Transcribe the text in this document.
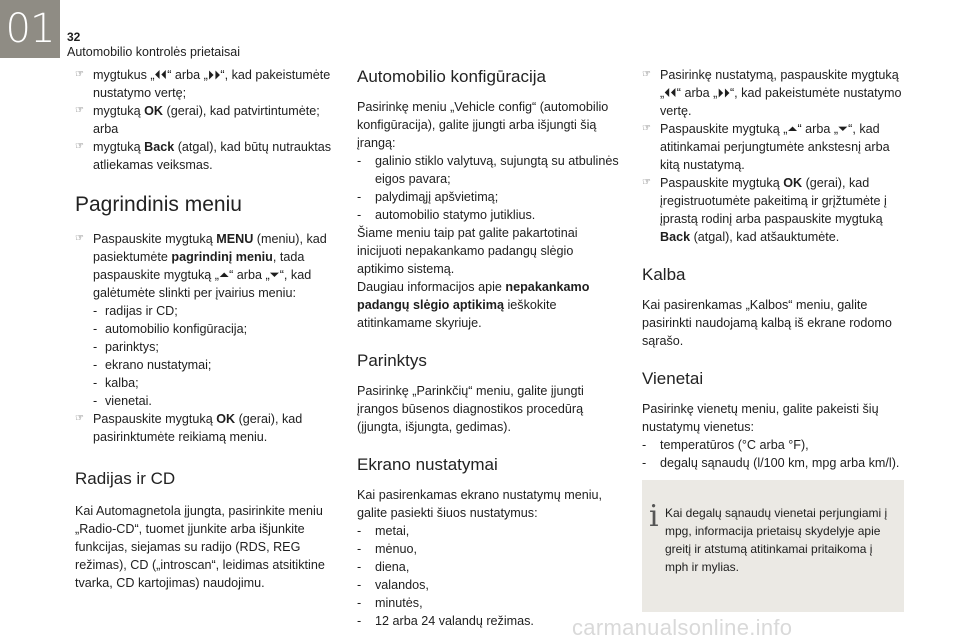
01	32
Automobilio kontrolės prietaisai
☞ mygtukus „⏴⏴“ arba „⏵⏵“, kad pakeistumėte nustatymo vertę;
☞ mygtuką OK (gerai), kad patvirtintumėte;
arba
☞ mygtuką Back (atgal), kad būtų nutrauktas atliekamas veiksmas.
Pagrindinis meniu
☞ Paspauskite mygtuką MENU (meniu), kad pasiektumėte pagrindinį meniu, tada paspauskite mygtuką „⏶“ arba „⏷“, kad galėtumėte slinkti per įvairius meniu:
- radijas ir CD;
- automobilio konfigūracija;
- parinktys;
- ekrano nustatymai;
- kalba;
- vienetai.
☞ Paspauskite mygtuką OK (gerai), kad pasirinktumėte reikiamą meniu.
Radijas ir CD

Kai Automagnetola įjungta, pasirinkite meniu „Radio-CD“, tuomet įjunkite arba išjunkite funkcijas, siejamas su radijo (RDS, REG režimas), CD („introscan“, leidimas atsitiktine tvarka, CD kartojimas) naudojimu.

Automobilio konfigūracija

Pasirinkę meniu „Vehicle config“ (automobilio konfigūracija), galite įjungti arba išjungti šią įrangą:

- galinio stiklo valytuvą, sujungtą su atbulinės eigos pavara;
- palydimąjį apšvietimą;
- automobilio statymo jutiklius.

Šiame meniu taip pat galite pakartotinai inicijuoti nepakankamo padangų slėgio aptikimo sistemą.

Daugiau informacijos apie nepakankamo padangų slėgio aptikimą ieškokite atitinkamame skyriuje.

Parinktys

Pasirinkę „Parinkčių“ meniu, galite įjungti įrangos būsenos diagnostikos procedūrą (įjungta, išjungta, gedimas).

Ekrano nustatymai

Kai pasirenkamas ekrano nustatymų meniu, galite pasiekti šiuos nustatymus:

- metai,
- mėnuo,
- diena,
- valandos,
- minutės,
- 12 arba 24 valandų režimas.
☞ Pasirinkę nustatymą, paspauskite mygtuką „⏴⏴“ arba „⏵⏵“, kad pakeistumėte nustatymo vertę.
☞ Paspauskite mygtuką „⏶“ arba „⏷“, kad atitinkamai perjungtumėte ankstesnį arba kitą nustatymą.
☞ Paspauskite mygtuką OK (gerai), kad įregistruotumėte pakeitimą ir grįžtumėte į įprastą rodinį arba paspauskite mygtuką Back (atgal), kad atšauktumėte.
Kalba

Kai pasirenkamas „Kalbos“ meniu, galite pasirinkti naudojamą kalbą iš ekrane rodomo sąrašo.

Vienetai

Pasirinkę vienetų meniu, galite pakeisti šių nustatymų vienetus:

- temperatūros (°C arba °F),
- degalų sąnaudų (l/100 km, mpg arba km/l).
i Kai degalų sąnaudų vienetai perjungiami į mpg, informacija prietaisų skydelyje apie greitį ir atstumą atitinkamai pritaikoma į mph ir mylias.
carmanualsonline.info
